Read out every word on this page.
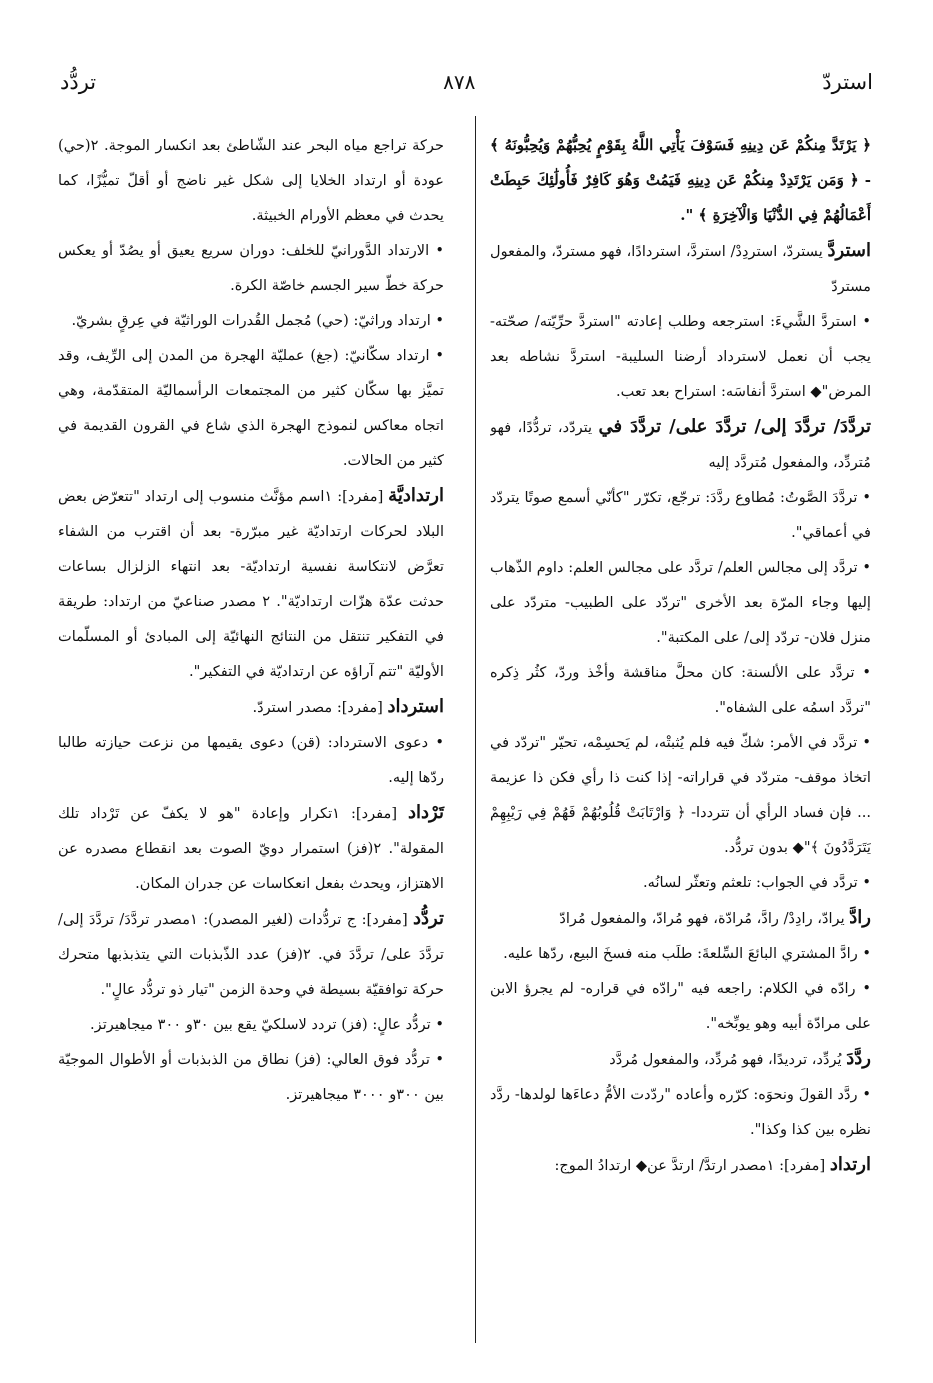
استردّ
٨٧٨
تردُّد

﴿ يَرْتَدَّ مِنكُمْ عَن دِينِهِ فَسَوْفَ يَأْتِي اللَّهُ بِقَوْمٍ يُحِبُّهُمْ وَيُحِبُّونَهُ ﴾ - ﴿ وَمَن يَرْتَدِدْ مِنكُمْ عَن دِينِهِ فَيَمُتْ وَهُوَ كَافِرٌ فَأُولَٰئِكَ حَبِطَتْ أَعْمَالُهُمْ فِي الدُّنْيَا وَالْآخِرَةِ ﴾ ".

استردَّ يستردّ، استردِدْ/ استردَّ، استردادًا، فهو مستردّ، والمفعول مستردّ

• استردَّ الشَّيءَ: استرجعه وطلب إعادته "استردَّ حرِّيّته/ صحّته- يجب أن نعمل لاسترداد أرضنا السليبة- استردَّ نشاطه بعد المرض"◆ استردَّ أنفاسَه: استراح بعد تعب.

تردَّدَ/ تردَّدَ إلى/ تردَّدَ على/ تردَّدَ في يتردّد، تردُّدًا، فهو مُتردِّد، والمفعول مُتردَّد إليه

• تردَّدَ الصَّوتُ: مُطاوع ردَّدَ: ترجّع، تكرّر "كأنّي أسمع صوتًا يتردّد في أعماقي".

• تردَّد إلى مجالس العلم/ تردَّد على مجالس العلم: داوم الذّهاب إليها وجاء المرّة بعد الأخرى "تردّد على الطبيب- متردّد على منزل فلان- تردّد إلى/ على المكتبة".

• تردَّد على الألسنة: كان محلَّ مناقشة وأخْذ وردّ، كثُر ذِكره "تردَّد اسمُه على الشفاه".

• تردَّد في الأمر: شكّ فيه فلم يُثبتْه، لم يَحسِمْه، تحيّر "تردّد في اتخاذ موقف- متردّد في قراراته- إذا كنت ذا رأي فكن ذا عزيمة ... فإن فساد الرأي أن تترددا- ﴿ وَارْتَابَتْ قُلُوبُهُمْ فَهُمْ فِي رَيْبِهِمْ يَتَرَدَّدُونَ ﴾"◆ بدون تردُّد.

• تردَّد في الجواب: تلعثم وتعثّر لسانُه.

رادَّ يرادّ، رادِدْ/ رادَّ، مُرادّة، فهو مُرادّ، والمفعول مُرادّ

• رادَّ المشتري البائعَ السِّلعةَ: طلَب منه فسخَ البيع، ردّها عليه.

• رادّه في الكلام: راجعه فيه "رادّه في قراره- لم يجرؤ الابن على مرادّة أبيه وهو يوبِّخه".

ردَّدَ يُردِّد، ترديدًا، فهو مُردِّد، والمفعول مُردَّد

• ردَّد القولَ ونحوَه: كرّره وأعاده "ردّدت الأمُّ دعاءَها لولدها- ردَّد نظره بين كذا وكذا".

ارتداد [مفرد]: ١مصدر ارتدَّ/ ارتدَّ عن◆ ارتدادُ الموج:

حركة تراجع مياه البحر عند الشّاطئ بعد انكسار الموجة. ٢(حي) عودة أو ارتداد الخلايا إلى شكل غير ناضج أو أقلّ تميُّزًا، كما يحدث في معظم الأورام الخبيثة.

• الارتداد الدَّورانيّ للخلف: دوران سريع يعيق أو يصُدّ أو يعكس حركة خطّ سير الجسم خاصّة الكرة.

• ارتداد وراثيّ: (حي) مُجمل القُدرات الوراثيّة في عِرقٍ بشريّ.

• ارتداد سكّانيّ: (جغ) عمليّة الهجرة من المدن إلى الرِّيف، وقد تميَّز بها سكّان كثير من المجتمعات الرأسماليّة المتقدّمة، وهي اتجاه معاكس لنموذج الهجرة الذي شاع في القرون القديمة في كثير من الحالات.

ارتداديَّة [مفرد]: ١اسم مؤنَّث منسوب إلى ارتداد "تتعرّض بعض البلاد لحركات ارتداديّة غير مبرّرة- بعد أن اقترب من الشفاء تعرَّض لانتكاسة نفسية ارتداديّة- بعد انتهاء الزلزال بساعات حدثت عدّة هزّات ارتداديّة". ٢ مصدر صناعيّ من ارتداد: طريقة في التفكير تنتقل من النتائج النهائيّة إلى المبادئ أو المسلّمات الأوليّة "تتم آراؤه عن ارتداديّة في التفكير".

استرداد [مفرد]: مصدر استردّ.

• دعوى الاسترداد: (قن) دعوى يقيمها من نزعت حيازته طالبا ردّها إليه.

تَرْداد [مفرد]: ١تكرار وإعادة "هو لا يكفّ عن تَرْداد تلك المقولة". ٢(فز) استمرار دويّ الصوت بعد انقطاع مصدره عن الاهتزاز، ويحدث بفعل انعكاسات عن جدران المكان.

تردُّد [مفرد]: ج تردُّدات (لغير المصدر): ١مصدر تردَّدَ/ تردَّدَ إلى/ تردَّدَ على/ تردَّدَ في. ٢(فز) عدد الذّبذبات التي يتذبذبها متحرك حركة توافقيّة بسيطة في وحدة الزمن "تيار ذو تردُّد عالٍ".

• تردُّد عالٍ: (فز) تردد لاسلكيّ يقع بين ٣٠و ٣٠٠ ميجاهيرتز.

• تردُّد فوق العالي: (فز) نطاق من الذبذبات أو الأطوال الموجيّة بين ٣٠٠و ٣٠٠٠ ميجاهيرتز.
